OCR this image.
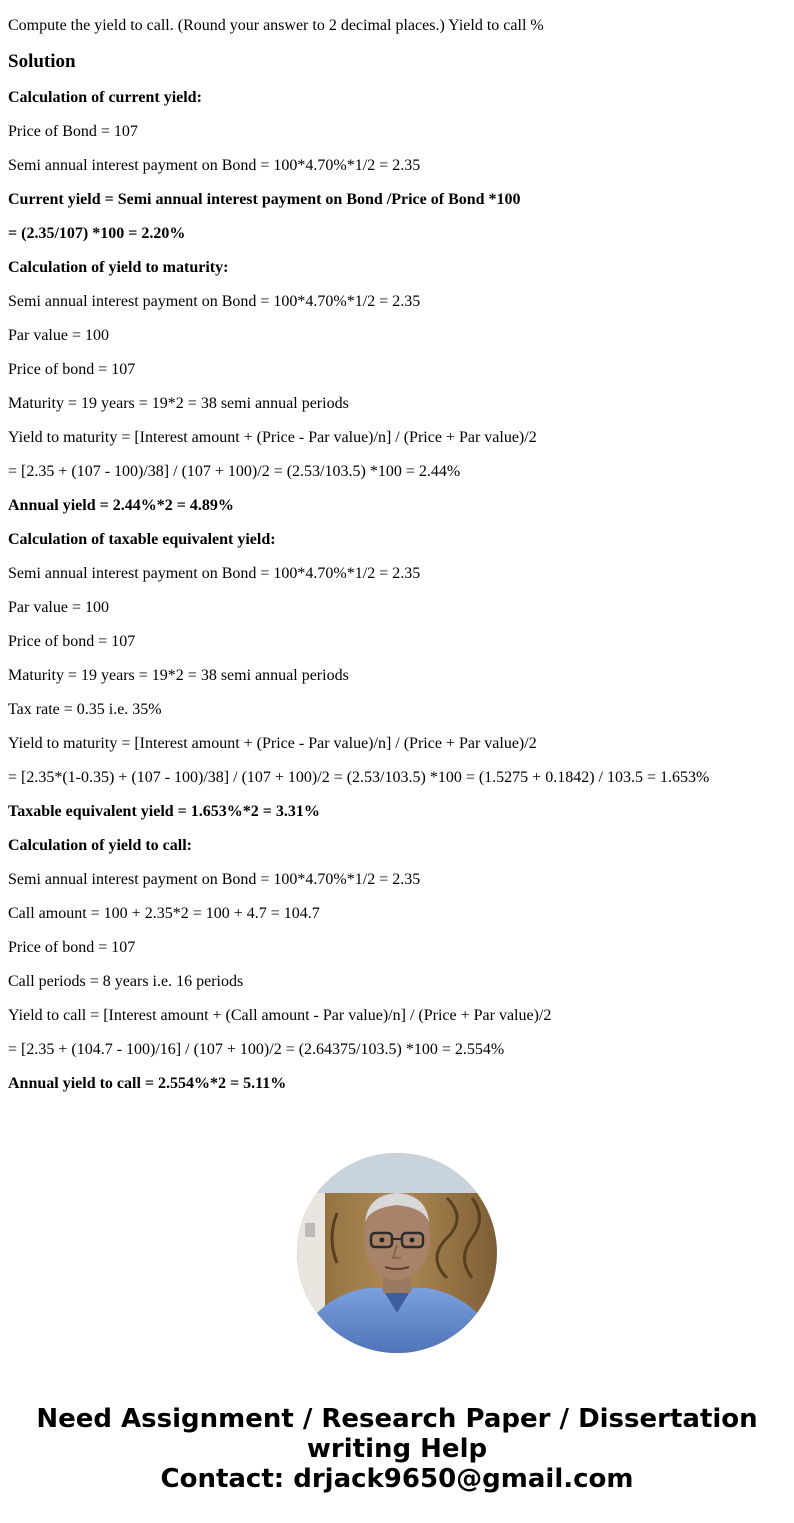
Compute the yield to call. (Round your answer to 2 decimal places.) Yield to call %

Solution

Calculation of current yield:

Price of Bond = 107

Semi annual interest payment on Bond = 100*4.70%*1/2 = 2.35

Current yield = Semi annual interest payment on Bond /Price of Bond *100

= (2.35/107) *100 = 2.20%

Calculation of yield to maturity:

Semi annual interest payment on Bond = 100*4.70%*1/2 = 2.35

Par value = 100

Price of bond = 107

Maturity = 19 years = 19*2 = 38 semi annual periods

Yield to maturity = [Interest amount + (Price - Par value)/n] / (Price + Par value)/2

= [2.35 + (107 - 100)/38] / (107 + 100)/2 = (2.53/103.5) *100 = 2.44%

Annual yield = 2.44%*2 = 4.89%

Calculation of taxable equivalent yield:

Semi annual interest payment on Bond = 100*4.70%*1/2 = 2.35

Par value = 100

Price of bond = 107

Maturity = 19 years = 19*2 = 38 semi annual periods

Tax rate = 0.35 i.e. 35%

Yield to maturity = [Interest amount + (Price - Par value)/n] / (Price + Par value)/2

= [2.35*(1-0.35) + (107 - 100)/38] / (107 + 100)/2 = (2.53/103.5) *100 = (1.5275 + 0.1842) / 103.5 = 1.653%

Taxable equivalent yield = 1.653%*2 = 3.31%

Calculation of yield to call:

Semi annual interest payment on Bond = 100*4.70%*1/2 = 2.35

Call amount = 100 + 2.35*2 = 100 + 4.7 = 104.7

Price of bond = 107

Call periods = 8 years i.e. 16 periods

Yield to call = [Interest amount + (Call amount - Par value)/n] / (Price + Par value)/2

= [2.35 + (104.7 - 100)/16] / (107 + 100)/2 = (2.64375/103.5) *100 = 2.554%

Annual yield to call = 2.554%*2 = 5.11%

Need Assignment / Research Paper / Dissertation
writing Help
Contact: drjack9650@gmail.com
